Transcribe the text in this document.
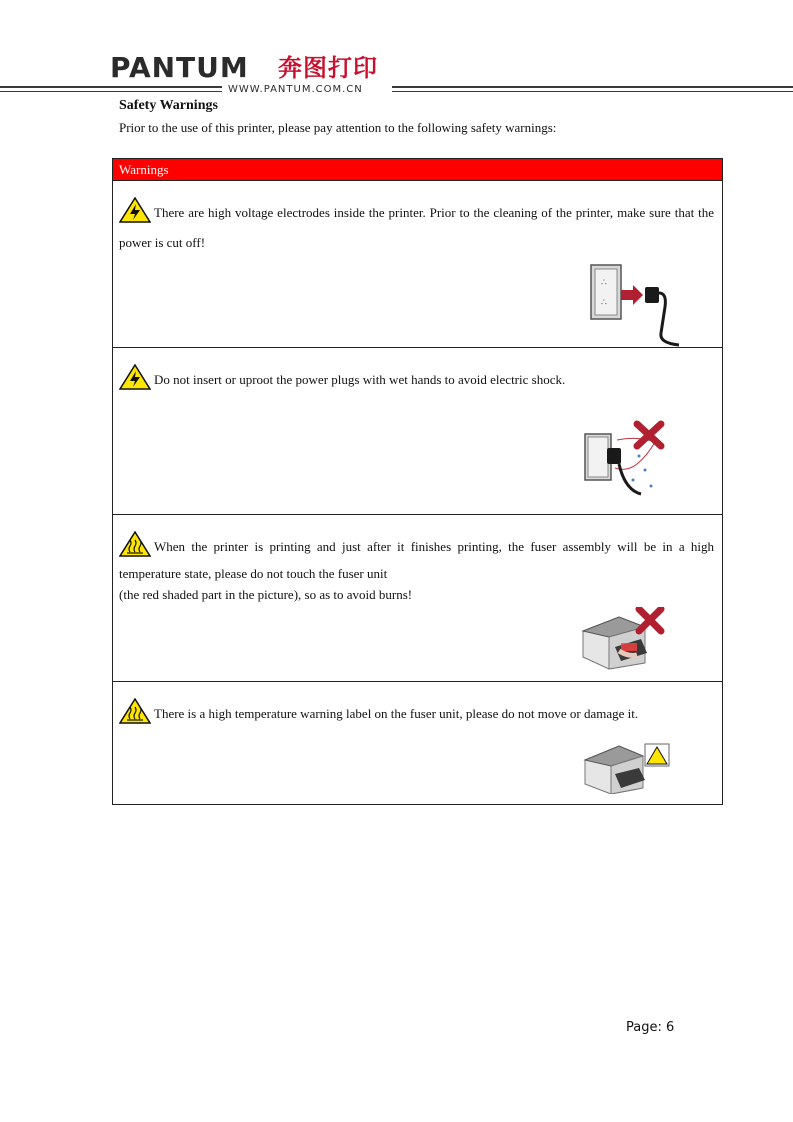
PANTUM 奔图打印
WWW.PANTUM.COM.CN
Safety Warnings
Prior to the use of this printer, please pay attention to the following safety warnings:
Warnings
There are high voltage electrodes inside the printer. Prior to the cleaning of the printer, make sure that the power is cut off!
∴
∴
Do not insert or uproot the power plugs with wet hands to avoid electric shock.
When the printer is printing and just after it finishes printing, the fuser assembly will be in a high temperature state, please do not touch the fuser unit
(the red shaded part in the picture), so as to avoid burns!
There is a high temperature warning label on the fuser unit, please do not move or damage it.
Page: 6
